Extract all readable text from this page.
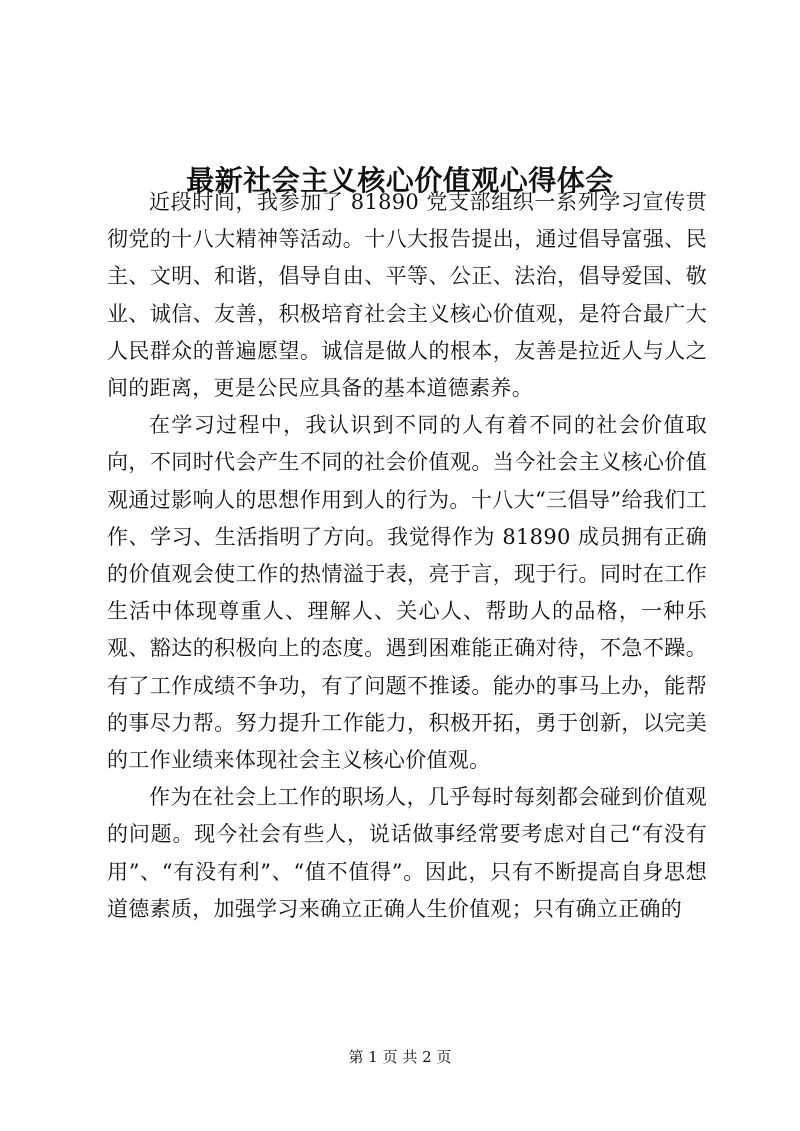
最新社会主义核心价值观心得体会

近段时间，我参加了 81890 党支部组织一系列学习宣传贯彻党的十八大精神等活动。十八大报告提出，通过倡导富强、民主、文明、和谐，倡导自由、平等、公正、法治，倡导爱国、敬业、诚信、友善，积极培育社会主义核心价值观，是符合最广大人民群众的普遍愿望。诚信是做人的根本，友善是拉近人与人之间的距离，更是公民应具备的基本道德素养。

在学习过程中，我认识到不同的人有着不同的社会价值取向，不同时代会产生不同的社会价值观。当今社会主义核心价值观通过影响人的思想作用到人的行为。十八大“三倡导”给我们工作、学习、生活指明了方向。我觉得作为 81890 成员拥有正确的价值观会使工作的热情溢于表，亮于言，现于行。同时在工作生活中体现尊重人、理解人、关心人、帮助人的品格，一种乐观、豁达的积极向上的态度。遇到困难能正确对待，不急不躁。有了工作成绩不争功，有了问题不推诿。能办的事马上办，能帮的事尽力帮。努力提升工作能力，积极开拓，勇于创新，以完美的工作业绩来体现社会主义核心价值观。

作为在社会上工作的职场人，几乎每时每刻都会碰到价值观的问题。现今社会有些人，说话做事经常要考虑对自己“有没有用”、“有没有利”、“值不值得”。因此，只有不断提高自身思想道德素质，加强学习来确立正确人生价值观；只有确立正确的

第 1 页 共 2 页
